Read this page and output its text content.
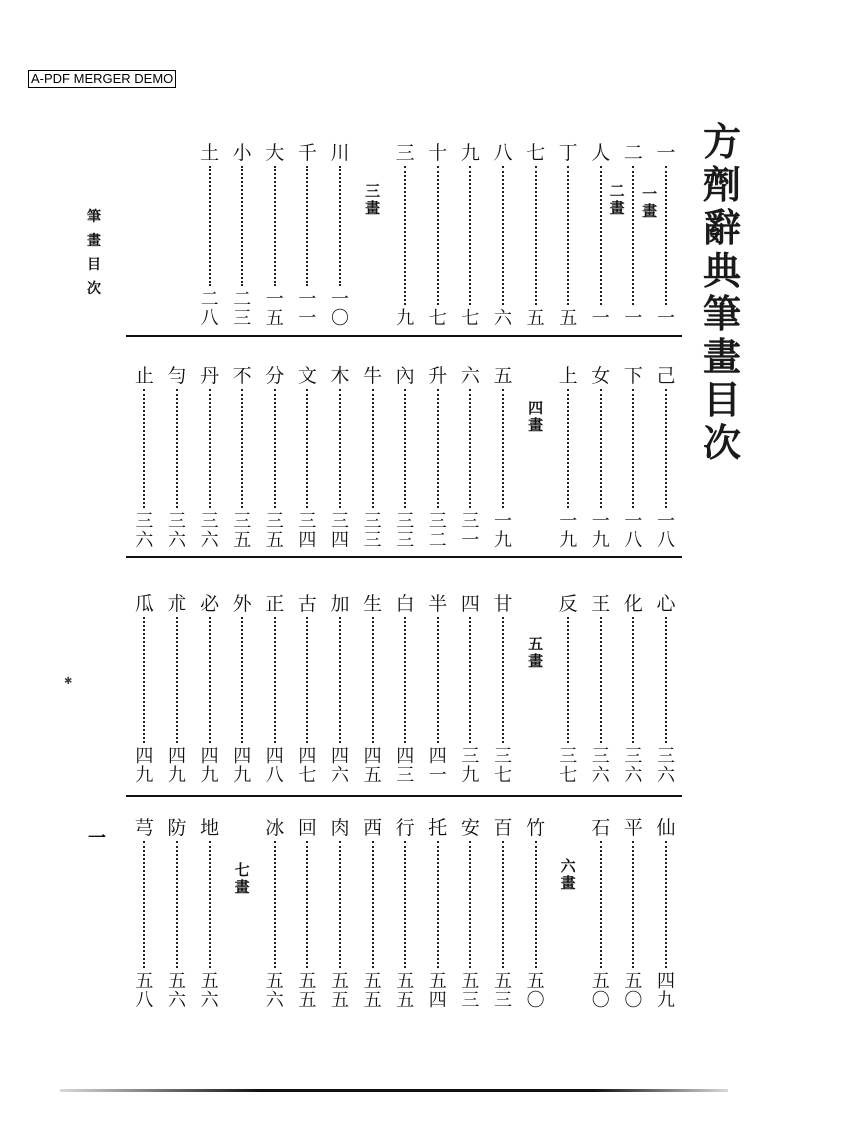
A-PDF MERGER DEMO
方
劑
辭
典
筆
畫
目
次
筆
畫
目
次
一
✱
一
一
二
一
人
一
丁
五
七
五
八
六
九
七
十
七
三
九
川
一
〇
千
一
一
大
一
五
小
二
三
土
二
八
一
畫
二
畫
三
畫
己
一
八
下
一
八
女
一
九
上
一
九
五
一
九
六
三
一
升
三
二
內
三
三
牛
三
三
木
三
四
文
三
四
分
三
五
不
三
五
丹
三
六
勻
三
六
止
三
六
四
畫
心
三
六
化
三
六
王
三
六
反
三
七
甘
三
七
四
三
九
半
四
一
白
四
三
生
四
五
加
四
六
古
四
七
正
四
八
外
四
九
必
四
九
朮
四
九
瓜
四
九
五
畫
仙
四
九
平
五
〇
石
五
〇
竹
五
〇
百
五
三
安
五
三
托
五
四
行
五
五
西
五
五
肉
五
五
回
五
五
冰
五
六
地
五
六
防
五
六
芎
五
八
六
畫
七
畫
